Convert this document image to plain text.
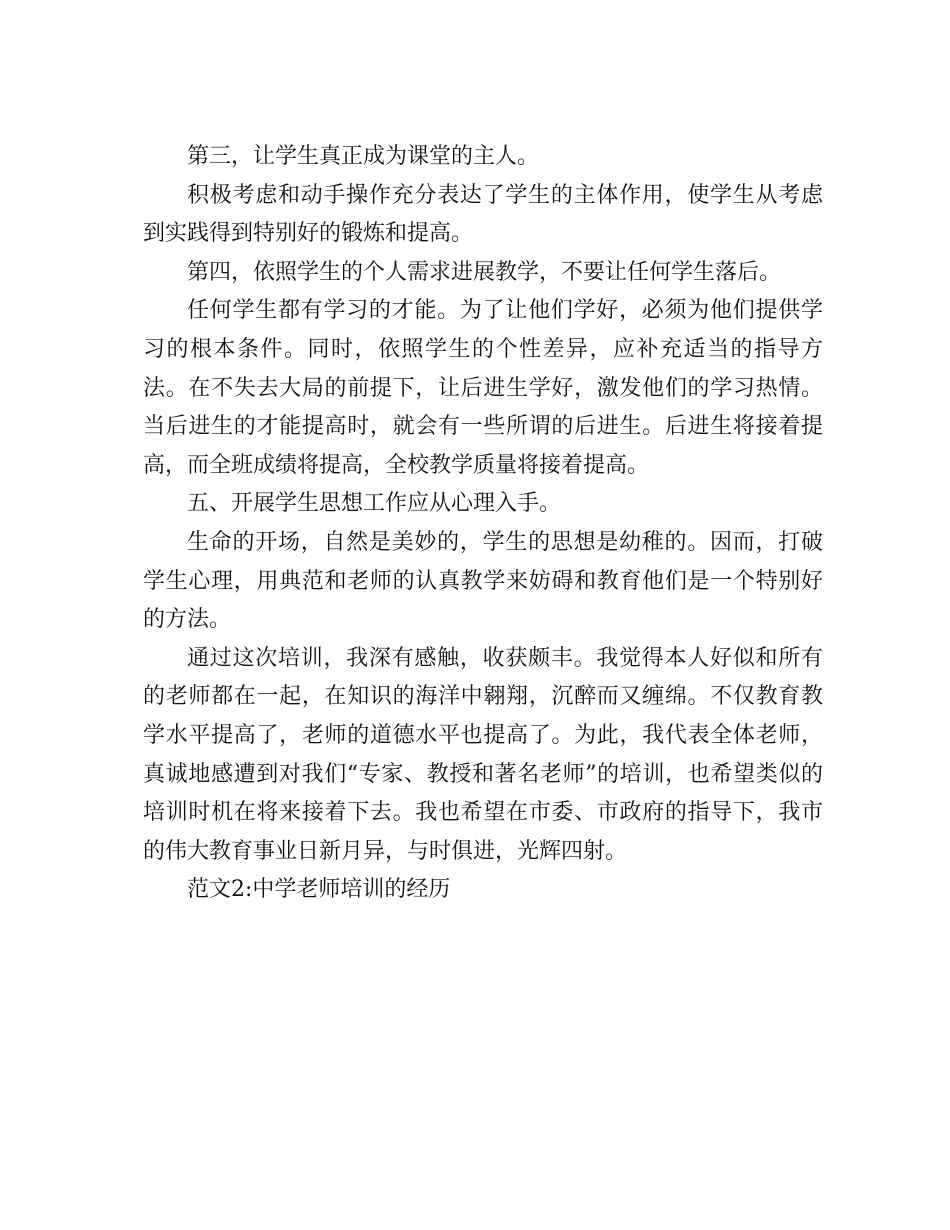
第三，让学生真正成为课堂的主人。

积极考虑和动手操作充分表达了学生的主体作用，使学生从考虑到实践得到特别好的锻炼和提高。

第四，依照学生的个人需求进展教学，不要让任何学生落后。

任何学生都有学习的才能。为了让他们学好，必须为他们提供学习的根本条件。同时，依照学生的个性差异，应补充适当的指导方法。在不失去大局的前提下，让后进生学好，激发他们的学习热情。当后进生的才能提高时，就会有一些所谓的后进生。后进生将接着提高，而全班成绩将提高，全校教学质量将接着提高。

五、开展学生思想工作应从心理入手。

生命的开场，自然是美妙的，学生的思想是幼稚的。因而，打破学生心理，用典范和老师的认真教学来妨碍和教育他们是一个特别好的方法。

通过这次培训，我深有感触，收获颇丰。我觉得本人好似和所有的老师都在一起，在知识的海洋中翱翔，沉醉而又缠绵。不仅教育教学水平提高了，老师的道德水平也提高了。为此，我代表全体老师，真诚地感遭到对我们“专家、教授和著名老师”的培训，也希望类似的培训时机在将来接着下去。我也希望在市委、市政府的指导下，我市的伟大教育事业日新月异，与时俱进，光辉四射。

范文2:中学老师培训的经历
